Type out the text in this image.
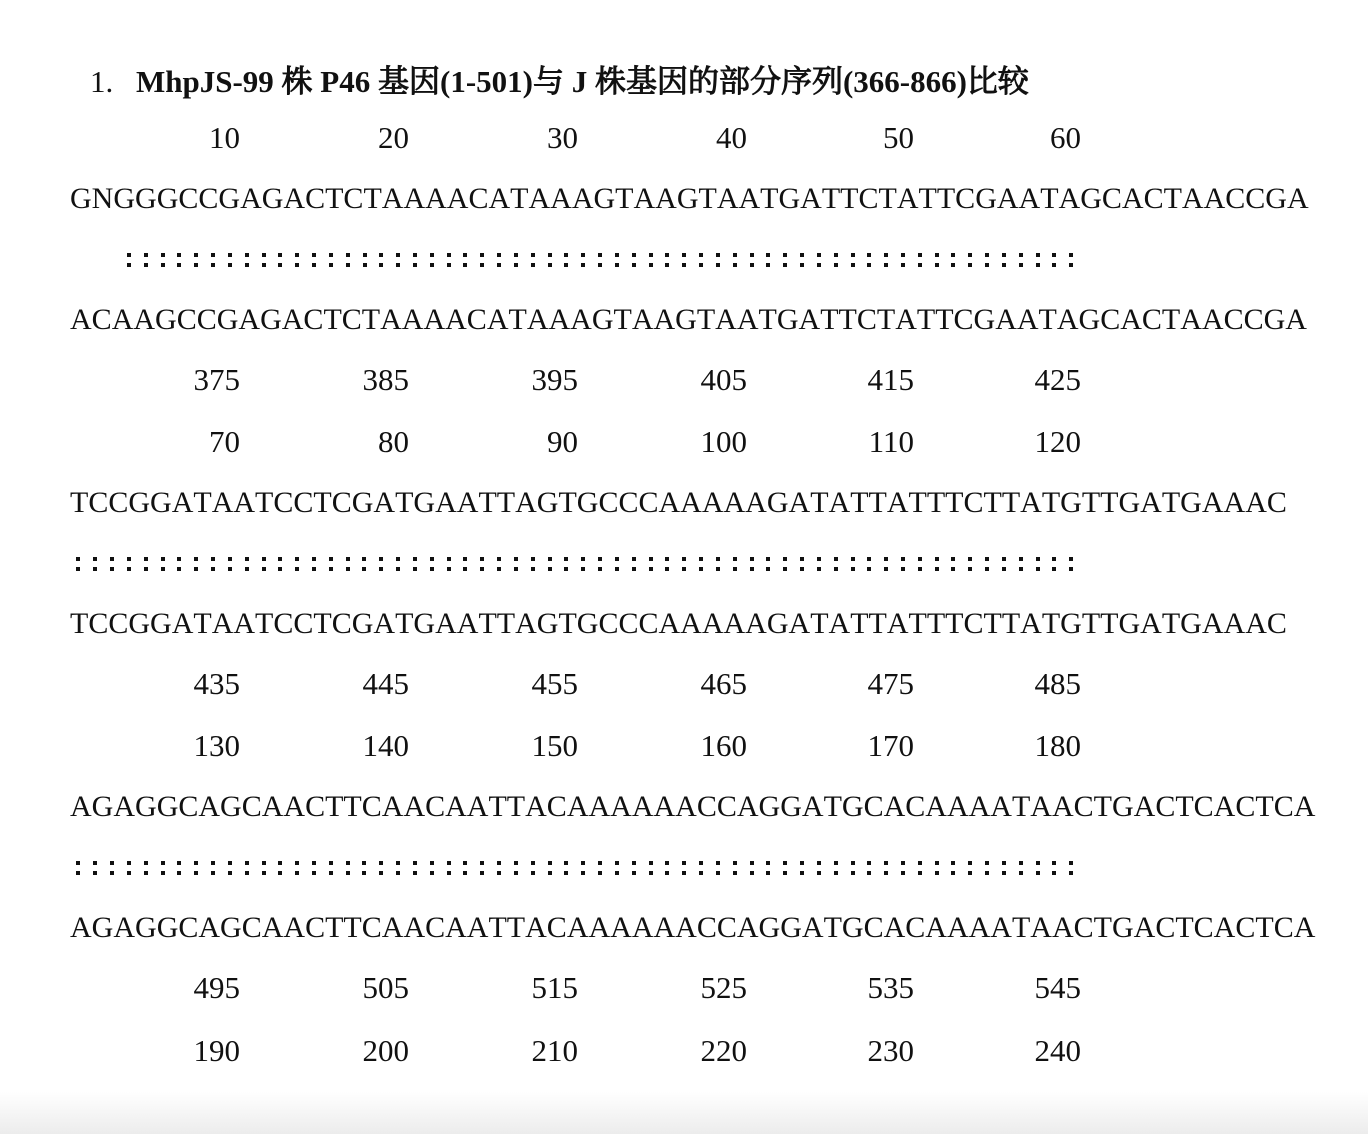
1. MhpJS-99 株 P46 基因(1-501)与 J 株基因的部分序列(366-866)比较
10	20	30	40	50	60
G N G G G C C G A G A C T C T A A A A C A T A A A G T A A G T A A T G A T T C T A T T C G A A T A G C A C T A A C C G A
A C A A G C C G A G A C T C T A A A A C A T A A A G T A A G T A A T G A T T C T A T T C G A A T A G C A C T A A C C G A
375	385	395	405	415	425
70	80	90	100	110	120
T C C G G A T A A T C C T C G A T G A A T T A G T G C C C A A A A A G A T A T T A T T T C T T A T G T T G A T G A A A C
T C C G G A T A A T C C T C G A T G A A T T A G T G C C C A A A A A G A T A T T A T T T C T T A T G T T G A T G A A A C
435	445	455	465	475	485
130	140	150	160	170	180
A G A G G C A G C A A C T T C A A C A A T T A C A A A A A A C C A G G A T G C A C A A A A T A A C T G A C T C A C T C A
A G A G G C A G C A A C T T C A A C A A T T A C A A A A A A C C A G G A T G C A C A A A A T A A C T G A C T C A C T C A
495	505	515	525	535	545
190	200	210	220	230	240
